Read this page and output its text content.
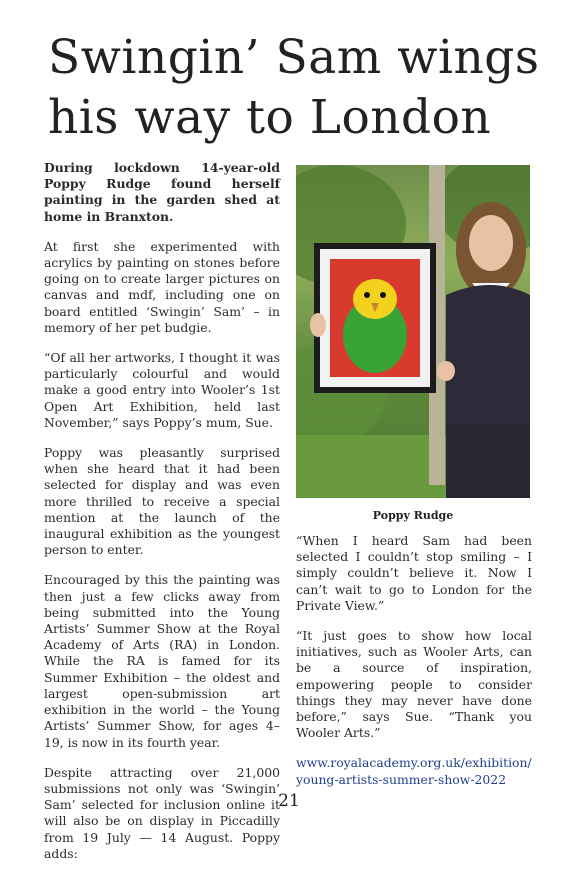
Swingin’ Sam wings his way to London

During lockdown 14-year-old Poppy Rudge found herself painting in the garden shed at home in Branxton.

At first she experimented with acrylics by painting on stones before going on to create larger pictures on canvas and mdf, including one on board entitled ‘Swingin’ Sam’ – in memory of her pet budgie.

“Of all her artworks, I thought it was particularly colourful and would make a good entry into Wooler’s 1st Open Art Exhibition, held last November,” says Poppy’s mum, Sue.

Poppy was pleasantly surprised when she heard that it had been selected for display and was even more thrilled to receive a special mention at the launch of the inaugural exhibition as the youngest person to enter.

Encouraged by this the painting was then just a few clicks away from being submitted into the Young Artists’ Summer Show at the Royal Academy of Arts (RA) in London. While the RA is famed for its Summer Exhibition – the oldest and largest open-submission art exhibition in the world – the Young Artists’ Summer Show, for ages 4–19, is now in its fourth year.

Despite attracting over 21,000 submissions not only was ‘Swingin’ Sam’ selected for inclusion online it will also be on display in Piccadilly from 19 July — 14 August. Poppy adds:

Poppy Rudge

“When I heard Sam had been selected I couldn’t stop smiling – I simply couldn’t believe it. Now I can’t wait to go to London for the Private View.”

“It just goes to show how local initiatives, such as Wooler Arts, can be a source of inspiration, empowering people to consider things they may never have done before,” says Sue. “Thank you Wooler Arts.”

www.royalacademy.org.uk/exhibition/young-artists-summer-show-2022

21
